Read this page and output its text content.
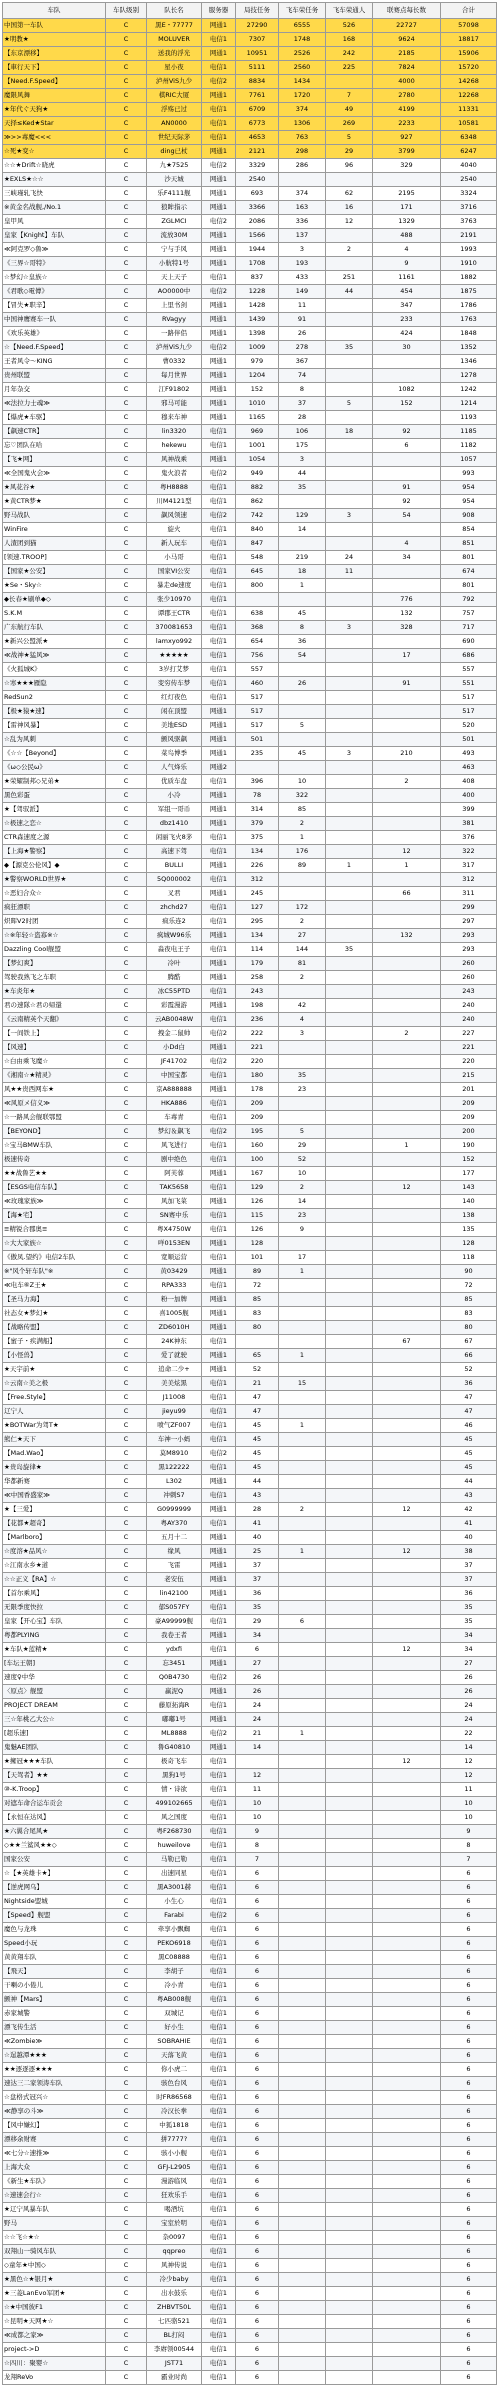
车队	车队级别	队长名	服务器	局技任务	飞车荣任务	飞车荣通人	联赛点每长数	合计
中国第一车队	C	黑E・77777	网通1	27290	6555	526	22727	57098
★明教★	C	MOLUVER	电信1	7307	1748	168	9624	18817
【东京漂移】	C	送我的浮光	网通1	10951	2526	242	2185	15906
【車行天下】	C	星小夜	电信1	5111	2560	225	7824	15720
【Need.F.Speed】	C	泸州ViS九少	电信2	8834	1434		4000	14268
魔限风舞	C	棋RIC大厦	网通1	7761	1720	7	2780	12268
★年代ぐ天狗★	C	浮殇已过	电信1	6709	374	49	4199	11331
天择≤Ked★Star	C	AN0000	电信1	6773	1306	269	2233	10581
≫>>毒魔<<<	C	世纪天际茅	电信1	4653	763	5	927	6348
☆死★变☆	C	ding已杖	网通1	2121	298	29	3799	6247
☆☆★Drift☆晓虎	C	九★7525	电信2	3329	286	96	329	4040
★EXLS★☆☆	C	沙天城	网通1	2540				2540
三峡瑾轧飞快	C	乐F4111舰	网通1	693	374	62	2195	3324
※黄金名战舰,/No.1	C	狼眸指示	网通1	3366	163	16	171	3716
皇甲风	C	ZGLMCI	电信2	2086	336	12	1329	3763
皇家【Knight】车队	C	流放30M	网通1	1566	137		488	2191
≪阿克罗◇鲁≫	C	宁与手风	网通1	1944	3	2	4	1993
《三界☆哥特》	C	小航特1号	网通1	1708	193		9	1910
☆梦幻☆皇族☆	C	天上天子	电信1	837	433	251	1161	1882
《君歌◇電傳》	C	AO0000中	电信2	1228	149	44	454	1875
【冒失★职辛】	C	上里书剑	网通1	1428	11		347	1786
中国神鹰赛车一队	C	RVagyy	网通1	1439	91		233	1763
《欢乐英雄》	C	一路伴侣	网通1	1398	26		424	1848
☆【Need.F.Speed】	C	泸州ViS九少	电信2	1009	278	35	30	1352
王者风令～KING	C	曹0332	网通1	979	367			1346
贵州联盟	C	每月世界	网通1	1204	74			1278
月年杂交	C	江F91802	网通1	152	8		1082	1242
≪法拉力士魂≫	C	邪马可能	网通1	1010	37	5	152	1214
【爆虎★车驱】	C	穆来车神	网通1	1165	28			1193
【飙速CTR】	C	lin3320	电信1	969	106	18	92	1185
忘♡团队在哈	C	hekewu	电信1	1001	175		6	1182
【飞★网】	C	风神战乘	网通1	1054	3			1057
≪全国鬼火会≫	C	鬼火浪者	电信2	949	44			993
★风花谷★	C	粤H8888	电信1	882	35		91	954
★黄CTR梦★	C	川M4121型	电信1	862			92	954
野马战队	C	飙风领速	电信2	742	129	3	54	908
WinFire	C	旋火	电信1	840	14			854
人渣团到猫	C	新人玩车	电信1	847			4	851
[领速.TROOP]	C	小马哥	电信1	548	219	24	34	801
【国家★公安】	C	国家VI公安	电信1	645	18	11		674
★Se・Sky☆	C	暴走de速度	电信1	800	1			801
◆长春★刷单◆◇	C	张少10970	电信1				776	792
S.K.M	C	谭郡王CTR	电信1	638	45		132	757
广东航行车队	C	370081653	电信1	368	8	3	328	717
★新兴公盟派★	C	lamxyo992	电信1	654	36			690
≪战神★猛风≫	C	★★★★★	电信1	756	54		17	686
《火狐城K》	C	3岁打艾梦	电信1	557				557
☆寒★★★雁隐	C	变穷传车梦	电信1	460	26		91	551
RedSun2	C	红灯夜色	电信1	517				517
【极★猿★速】	C	闲在顶盟	网通1	517				517
【雷神风暴】	C	美地ESD	网通1	517	5			520
☆乱为风刺	C	颤风驱飙	网通1	501				501
《☆☆【Beyond】	C	菜鸟博季	网通1	235	45	3	210	493
《ω◇公民ω》	C	人气烽乐	网通2					463
★荣耀制邦◇兄弟★	C	优质车盘	电信1	396	10		2	408
黑色彩蛋	C	小冷	网通1	78	322			400
★【驾驭派】	C	军组一哥币	网通1	314	85			399
☆极速之恋☆	C	dbz1410	网通1	379	2			381
CTR森速度之源	C	闲丽飞火8茅	电信1	375	1			376
【上海★警察】	C	高速下驾	电信1	134	176		12	322
◆【源克公伦风】◆	C	BULLI	网通1	226	89	1	1	317
★警察WORLD世界★	C	5Q000002	电信1	312				312
☆恶妇合众☆	C	叉君	网通1	245			66	311
疯狂漂职	C	zhchd27	电信1	127	172			299
炽晖V2时团	C	疯乐连2	电信1	295	2			297
☆※年轻☆盗寡※☆	C	疯城W96乐	网通1	134	27		132	293
Dazzling Cool舰盟	C	淼夜电王子	电信1	114	144	35		293
【梦幻爽】	C	冷叶	网通1	179	81			260
驾驶我熟飞之车职	C	腾酷	网通1	258	2			260
★车炎年★	C	冰C55PTD	电信1	243				243
君の速隊☆君の帰還	C	彩霞漫游	网通1	198	42			240
《云南精英个天翻》	C	云AB0048W	电信1	236	4			240
【一间铁上】	C	拽金二鼠帅	电信2	222	3		2	227
【风速】	C	小Dd白	网通1	221				221
☆白由乘飞魔☆	C	JF41702	电信2	220				220
《湘南☆★精灵》	C	中国宝都	电信1	180	35			215
风★★贵西网车★	C	京A888888	网通1	178	23			201
≪风原メ信义≫	C	HKA886	电信1	209				209
☆一路风会舰联鄂盟	C	车毒青	电信1	209				209
【BEYOND】	C	梦幻＆飙飞	电信2	195	5			200
☆宝马BMW车队	C	风飞进行	电信1	160	29		1	190
极速传奇	C	剧中绝色	电信1	100	52			152
★★战鲁艺★★	C	阿芙蓉	网通1	167	10			177
【ESGS电信车队】	C	TAK5658	电信1	129	2		12	143
≪玫瑰家族≫	C	风加飞菜	网通1	126	14			140
【海★宅】	C	SN赛中乐	电信1	115	23			138
≡精锐合郡奥≡	C	粤X4750W	电信1	126	9			135
☆大大家族☆	C	咩0153EN	网通1	128				128
《傲凤.望约》电信2车队	C	宽顺运营	电信1	101	17			118
※"风个轩车队"※	C	黄03429	网通1	89	1			90
≪电车⑥Z王★	C	RPA333	电信1	72				72
【圣马力海】	C	粉一加牌	网通1	85				85
社态女★梦幻★	C	喜1005舰	网通1	83				83
【战略传盟】	C	ZD6010H	网通1	80				80
【蜜子・疾满船】	C	24K神东	电信1				67	67
【小怪兽】	C	爱了就驶	网通1	65	1			66
★天宇前★	C	追命二少+	网通1	52				52
☆云南☆美之极	C	美美炫黑	电信1	21	15			36
【Free.Style】	C	J11008	电信1	47				47
辽宁人	C	jieyu99	电信1	47				47
★BOTWar为驾T★	C	喷气ZF007	电信1	45	1			46
熊仁★天下	C	车神一小蚂	电信1	45				45
【Mad.Wao】	C	莫M8910	电信2	45				45
★贵岛旋律★	C	黑122222	电信1	45				45
华都新赛	C	L302	网通1	44				44
≪中国香盛家≫	C	冲刺S7	电信1	43				43
★【三爱】	C	G0999999	网通1	28	2		12	42
【花都★超奇】	C	粤AY370	电信1	41				41
【Marlboro】	C	五月十二	网通1	40				40
☆度溶★品风☆	C	缘风	网通1	25	1		12	38
☆江南水乡★道	C	飞雷	网通1	37				37
☆☆正义【RA】☆	C	老安伍	网通1	37				37
【首尔乘风】	C	lin42100	网通1	36				36
无限季度快拉	C	郁S057FY	电信1	35				35
皇家【开心宝】车队	C	豪A99999舰	电信1	29	6			35
粤都PLYING	C	我卷王者	网通1	34				34
★车队★蓝精★	C	ydxfi	电信1	6			12	34
[车坛王朝]	C	忘3451	网通1	27				27
速度♀中华	C	Q0B4730	电信2	26				26
〈原点〉舰盟	C	赢泥Q	网通1	26				26
PROJECT DREAM	C	藤原拓海R	电信1	24				24
三☆年桃乙大公☆	C	嘟嘟1号	网通1	24				24
[超乐速]	C	ML8888	电信2	21	1			22
鬼魅AE团队	C	鲁G40810	网通1	14				14
★擁冠★★★车队	C	极奇飞车	电信1				12	12
【天驾者】★★	C	黑狗1号	电信1	12				12
⑩-K.Troop】	C	情・诗欲	电信1	11				11
对遮车命合运车贡会	C	499102665	电信1	10				10
【永恒在达风】	C	风之国度	电信1	10				10
★六翼合尾风★	C	粤F268730	电信1	9				9
◇★★兰鲨风★★◇	C	huweilove	电信1	8				8
国家公安	C	马勒已勒	电信1	7				7
☆【★英雄卡★】	C	出速同星	电信1	6				6
【逆虎网乌】	C	黑A3001赫	电信1	6				6
Nightside盟城	C	小生心	电信1	6				6
【Speed】舰盟	C	Farabi	电信2	6				6
魔色与龙珠	C	牵享小飘蜘	电信1	6				6
Speed小玩	C	PEKO6918	电信1	6				6
黄黄翔车队	C	黑C08888	电信1	6				6
【飛天】	C	李胡子	电信1	6				6
干喇の小倦儿	C	冷小青	电信1	6				6
颤神【Mars】	C	粤AB008舰	电信1	6				6
赤家城警	C	双城记	电信1	6				6
漂飞传生活	C	好小生	电信1	6				6
≪Zombie≫	C	SOBRAHIE	电信1	6				6
☆逞越潭★★★	C	天落飞黄	电信1	6				6
★★逐逐逐★★★	C	你小虎二	电信1	6				6
速达三二家领涛车队	C	骇色台风	电信1	6				6
☆盘格式冠兴☆	C	时FR86568	电信1	6				6
≪静享の斗≫	C	冷汉长拳	电信1	6				6
【风中嫌幻】	C	中狐1818	电信1	6				6
漂移余财赛	C	拼7777?	电信1	6				6
≪七分☆速推≫	C	骇小小舰	电信1	6				6
上海大众	C	GFJ-L2905	电信1	6				6
《新生★车队》	C	漫游临风	电信1	6				6
☆速速会行☆	C	狂欢乐手	电信1	6				6
★辽宁风暴车队	C	喝酒坑	电信1	6				6
野马	C	宝室於明	电信1	6				6
☆☆飞☆★☆	C	杂0097	电信1	6				6
双翔山一骑风车队	C	qqpreo	电信1	6				6
◇童年★中国◇	C	风神传说	电信1	6				6
★黑色☆★银月★	C	冷少baby	电信1	6				6
★三菱LanEvo军团★	C	出水鼓乐	电信1	6				6
☆★中国彼F1	C	ZHBVT50L	电信1	6				6
☆昆明★天网★☆	C	七匹骆521	电信1	6				6
≪成都之家≫	C	BL打闷	电信1	6				6
project->D	C	李赓领00544	电信1	6				6
☆四川：聚婴☆	C	JST71	电信1	6				6
龙翔ReVo	C	霸业时尚	电信1	6				6
